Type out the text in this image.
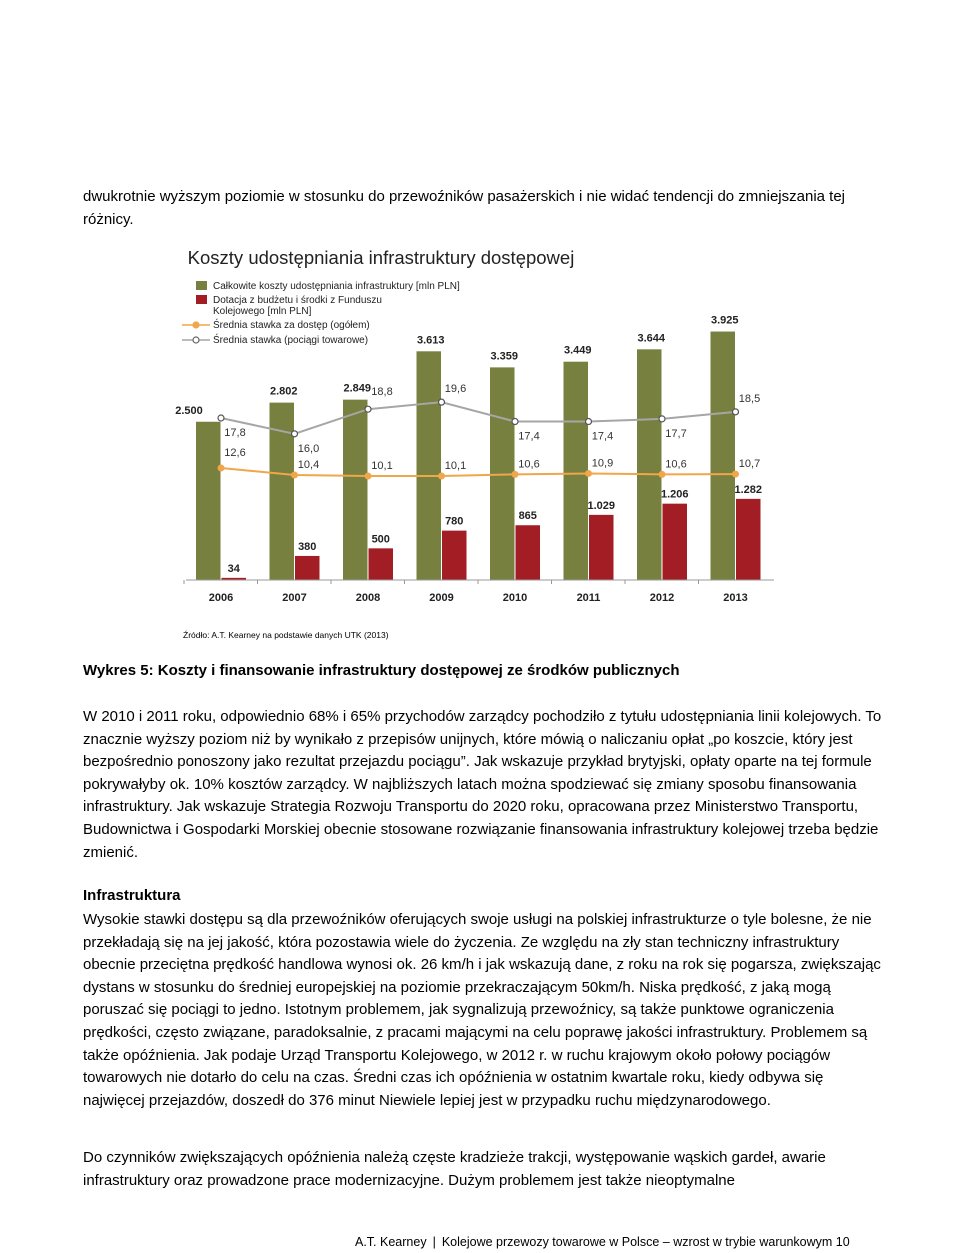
dwukrotnie wyższym poziomie w stosunku do przewoźników pasażerskich i nie widać tendencji do zmniejszania tej różnicy.

Koszty udostępniania infrastruktury dostępowej
Całkowite koszty udostępniania infrastruktury [mln PLN]
Dotacja z budżetu i środki z Funduszu Kolejowego [mln PLN]
Średnia stawka za dostęp (ogółem)
Średnia stawka (pociągi towarowe)
2.500
2.802	2.849
3.613
3.359	3.449
3.644
3.925
34
380
500
780	865
1.029
1.206	1.282
17,8
16,0
18,8	19,6
17,4	17,4	17,7
18,5
12,6
10,4	10,1	10,1	10,6	10,9	10,6	10,7
2006	2007	2008	2009	2010	2011	2012	2013

Źródło: A.T. Kearney na podstawie danych UTK (2013)

Wykres 5: Koszty i finansowanie infrastruktury dostępowej ze środków publicznych

W 2010 i 2011 roku, odpowiednio 68% i 65% przychodów zarządcy pochodziło z tytułu udostępniania linii kolejowych. To znacznie wyższy poziom niż by wynikało z przepisów unijnych, które mówią o naliczaniu opłat „po koszcie, który jest bezpośrednio ponoszony jako rezultat przejazdu pociągu”. Jak wskazuje przykład brytyjski, opłaty oparte na tej formule pokrywałyby ok. 10% kosztów zarządcy. W najbliższych latach można spodziewać się zmiany sposobu finansowania infrastruktury. Jak wskazuje Strategia Rozwoju Transportu do 2020 roku, opracowana przez Ministerstwo Transportu, Budownictwa i Gospodarki Morskiej obecnie stosowane rozwiązanie finansowania infrastruktury kolejowej trzeba będzie zmienić.

Infrastruktura

Wysokie stawki dostępu są dla przewoźników oferujących swoje usługi na polskiej infrastrukturze o tyle bolesne, że nie przekładają się na jej jakość, która pozostawia wiele do życzenia. Ze względu na zły stan techniczny infrastruktury obecnie przeciętna prędkość handlowa wynosi ok. 26 km/h i jak wskazują dane, z roku na rok się pogarsza, zwiększając dystans w stosunku do średniej europejskiej na poziomie przekraczającym 50km/h. Niska prędkość, z jaką mogą poruszać się pociągi to jedno. Istotnym problemem, jak sygnalizują przewoźnicy, są także punktowe ograniczenia prędkości, często związane, paradoksalnie, z pracami mającymi na celu poprawę jakości infrastruktury. Problemem są także opóźnienia. Jak podaje Urząd Transportu Kolejowego, w 2012 r. w ruchu krajowym około połowy pociągów towarowych nie dotarło do celu na czas. Średni czas ich opóźnienia w ostatnim kwartale roku, kiedy odbywa się najwięcej przejazdów, doszedł do 376 minut Niewiele lepiej jest w przypadku ruchu międzynarodowego.

Do czynników zwiększających opóźnienia należą częste kradzieże trakcji, występowanie wąskich gardeł, awarie infrastruktury oraz prowadzone prace modernizacyjne. Dużym problemem jest także nieoptymalne

A.T. Kearney | Kolejowe przewozy towarowe w Polsce – wzrost w trybie warunkowym 10
